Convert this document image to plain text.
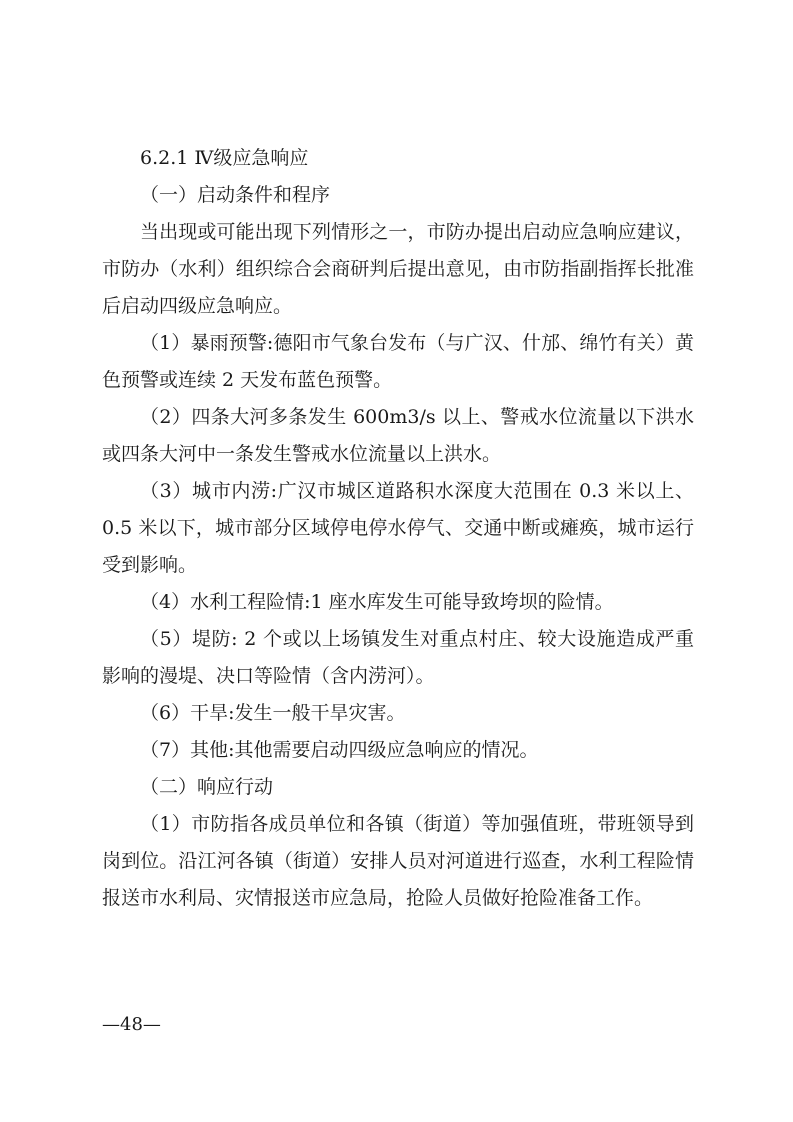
6.2.1 Ⅳ级应急响应

（一）启动条件和程序

当出现或可能出现下列情形之一，市防办提出启动应急响应建议，市防办（水利）组织综合会商研判后提出意见，由市防指副指挥长批准后启动四级应急响应。

（1）暴雨预警:德阳市气象台发布（与广汉、什邡、绵竹有关）黄色预警或连续 2 天发布蓝色预警。

（2）四条大河多条发生 600m3/s 以上、警戒水位流量以下洪水或四条大河中一条发生警戒水位流量以上洪水。

（3）城市内涝:广汉市城区道路积水深度大范围在 0.3 米以上、0.5 米以下，城市部分区域停电停水停气、交通中断或瘫痪，城市运行受到影响。

（4）水利工程险情:1 座水库发生可能导致垮坝的险情。

（5）堤防: 2 个或以上场镇发生对重点村庄、较大设施造成严重影响的漫堤、决口等险情（含内涝河）。

（6）干旱:发生一般干旱灾害。

（7）其他:其他需要启动四级应急响应的情况。

（二）响应行动

（1）市防指各成员单位和各镇（街道）等加强值班，带班领导到岗到位。沿江河各镇（街道）安排人员对河道进行巡查，水利工程险情报送市水利局、灾情报送市应急局，抢险人员做好抢险准备工作。

—48—
